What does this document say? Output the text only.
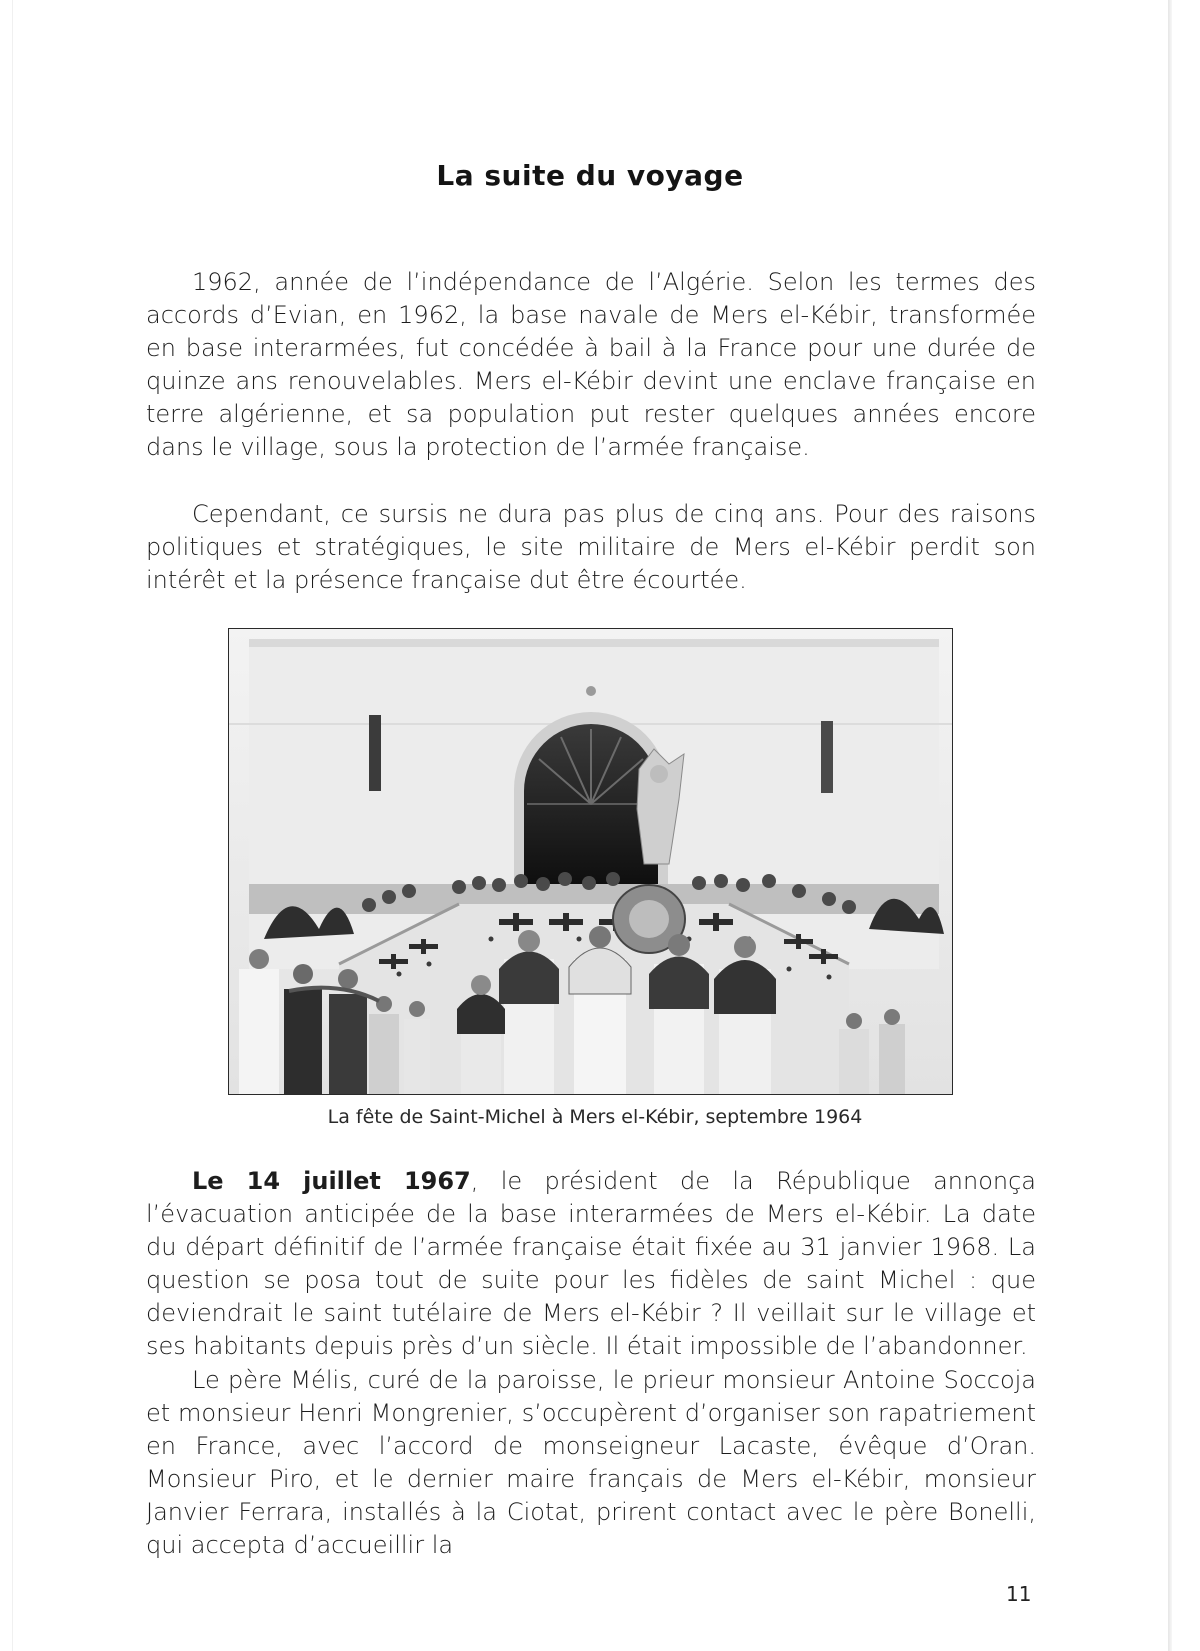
La suite du voyage

1962, année de l’indépendance de l’Algérie. Selon les termes des accords d’Evian, en 1962, la base navale de Mers el-Kébir, transformée en base interarmées, fut concédée à bail à la France pour une durée de quinze ans renouvelables. Mers el-Kébir devint une enclave française en terre algérienne, et sa population put rester quelques années encore dans le village, sous la protection de l’armée française.

Cependant, ce sursis ne dura pas plus de cinq ans. Pour des raisons politiques et stratégiques, le site militaire de Mers el-Kébir perdit son intérêt et la présence française dut être écourtée.

La fête de Saint-Michel à Mers el-Kébir, septembre 1964

Le 14 juillet 1967, le président de la République annonça l’évacuation anticipée de la base interarmées de Mers el-Kébir. La date du départ définitif de l’armée française était fixée au 31 janvier 1968. La question se posa tout de suite pour les fidèles de saint Michel : que deviendrait le saint tutélaire de Mers el-Kébir ? Il veillait sur le village et ses habitants depuis près d’un siècle. Il était impossible de l’abandonner.

Le père Mélis, curé de la paroisse, le prieur monsieur Antoine Soccoja et monsieur Henri Mongrenier, s’occupèrent d’organiser son rapatriement en France, avec l’accord de monseigneur Lacaste, évêque d’Oran. Monsieur Piro, et le dernier maire français de Mers el-Kébir, monsieur Janvier Ferrara, installés à la Ciotat, prirent contact avec le père Bonelli, qui accepta d’accueillir la

11
